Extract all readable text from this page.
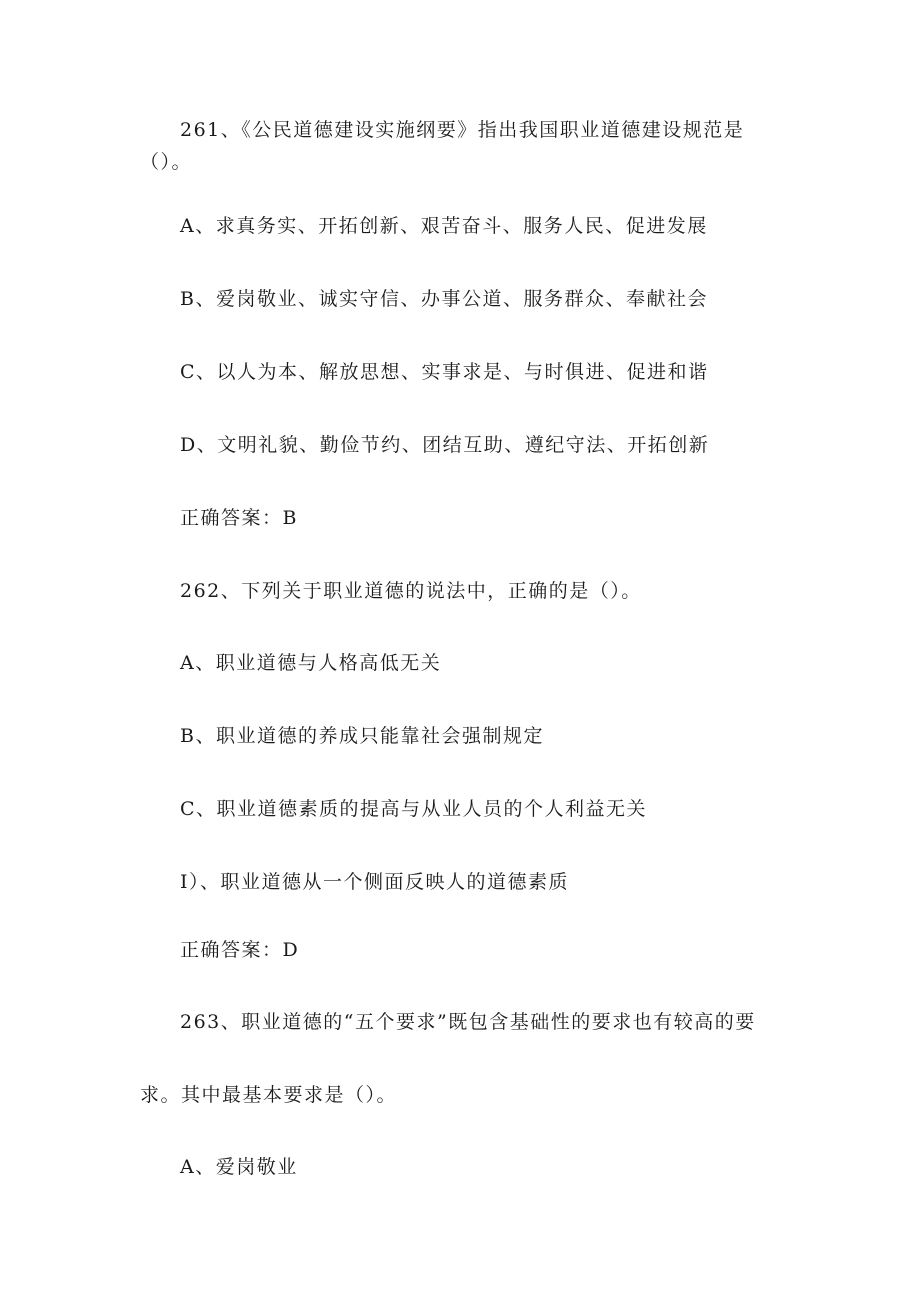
261、《公民道德建设实施纲要》指出我国职业道德建设规范是
（）。
A、求真务实、开拓创新、艰苦奋斗、服务人民、促进发展
B、爱岗敬业、诚实守信、办事公道、服务群众、奉献社会
C、以人为本、解放思想、实事求是、与时俱进、促进和谐
D、文明礼貌、勤俭节约、团结互助、遵纪守法、开拓创新
正确答案：B
262、下列关于职业道德的说法中，正确的是（）。
A、职业道德与人格高低无关
B、职业道德的养成只能靠社会强制规定
C、职业道德素质的提高与从业人员的个人利益无关
I）、职业道德从一个侧面反映人的道德素质
正确答案：D
263、职业道德的“五个要求”既包含基础性的要求也有较高的要
求。其中最基本要求是（）。
A、爱岗敬业
